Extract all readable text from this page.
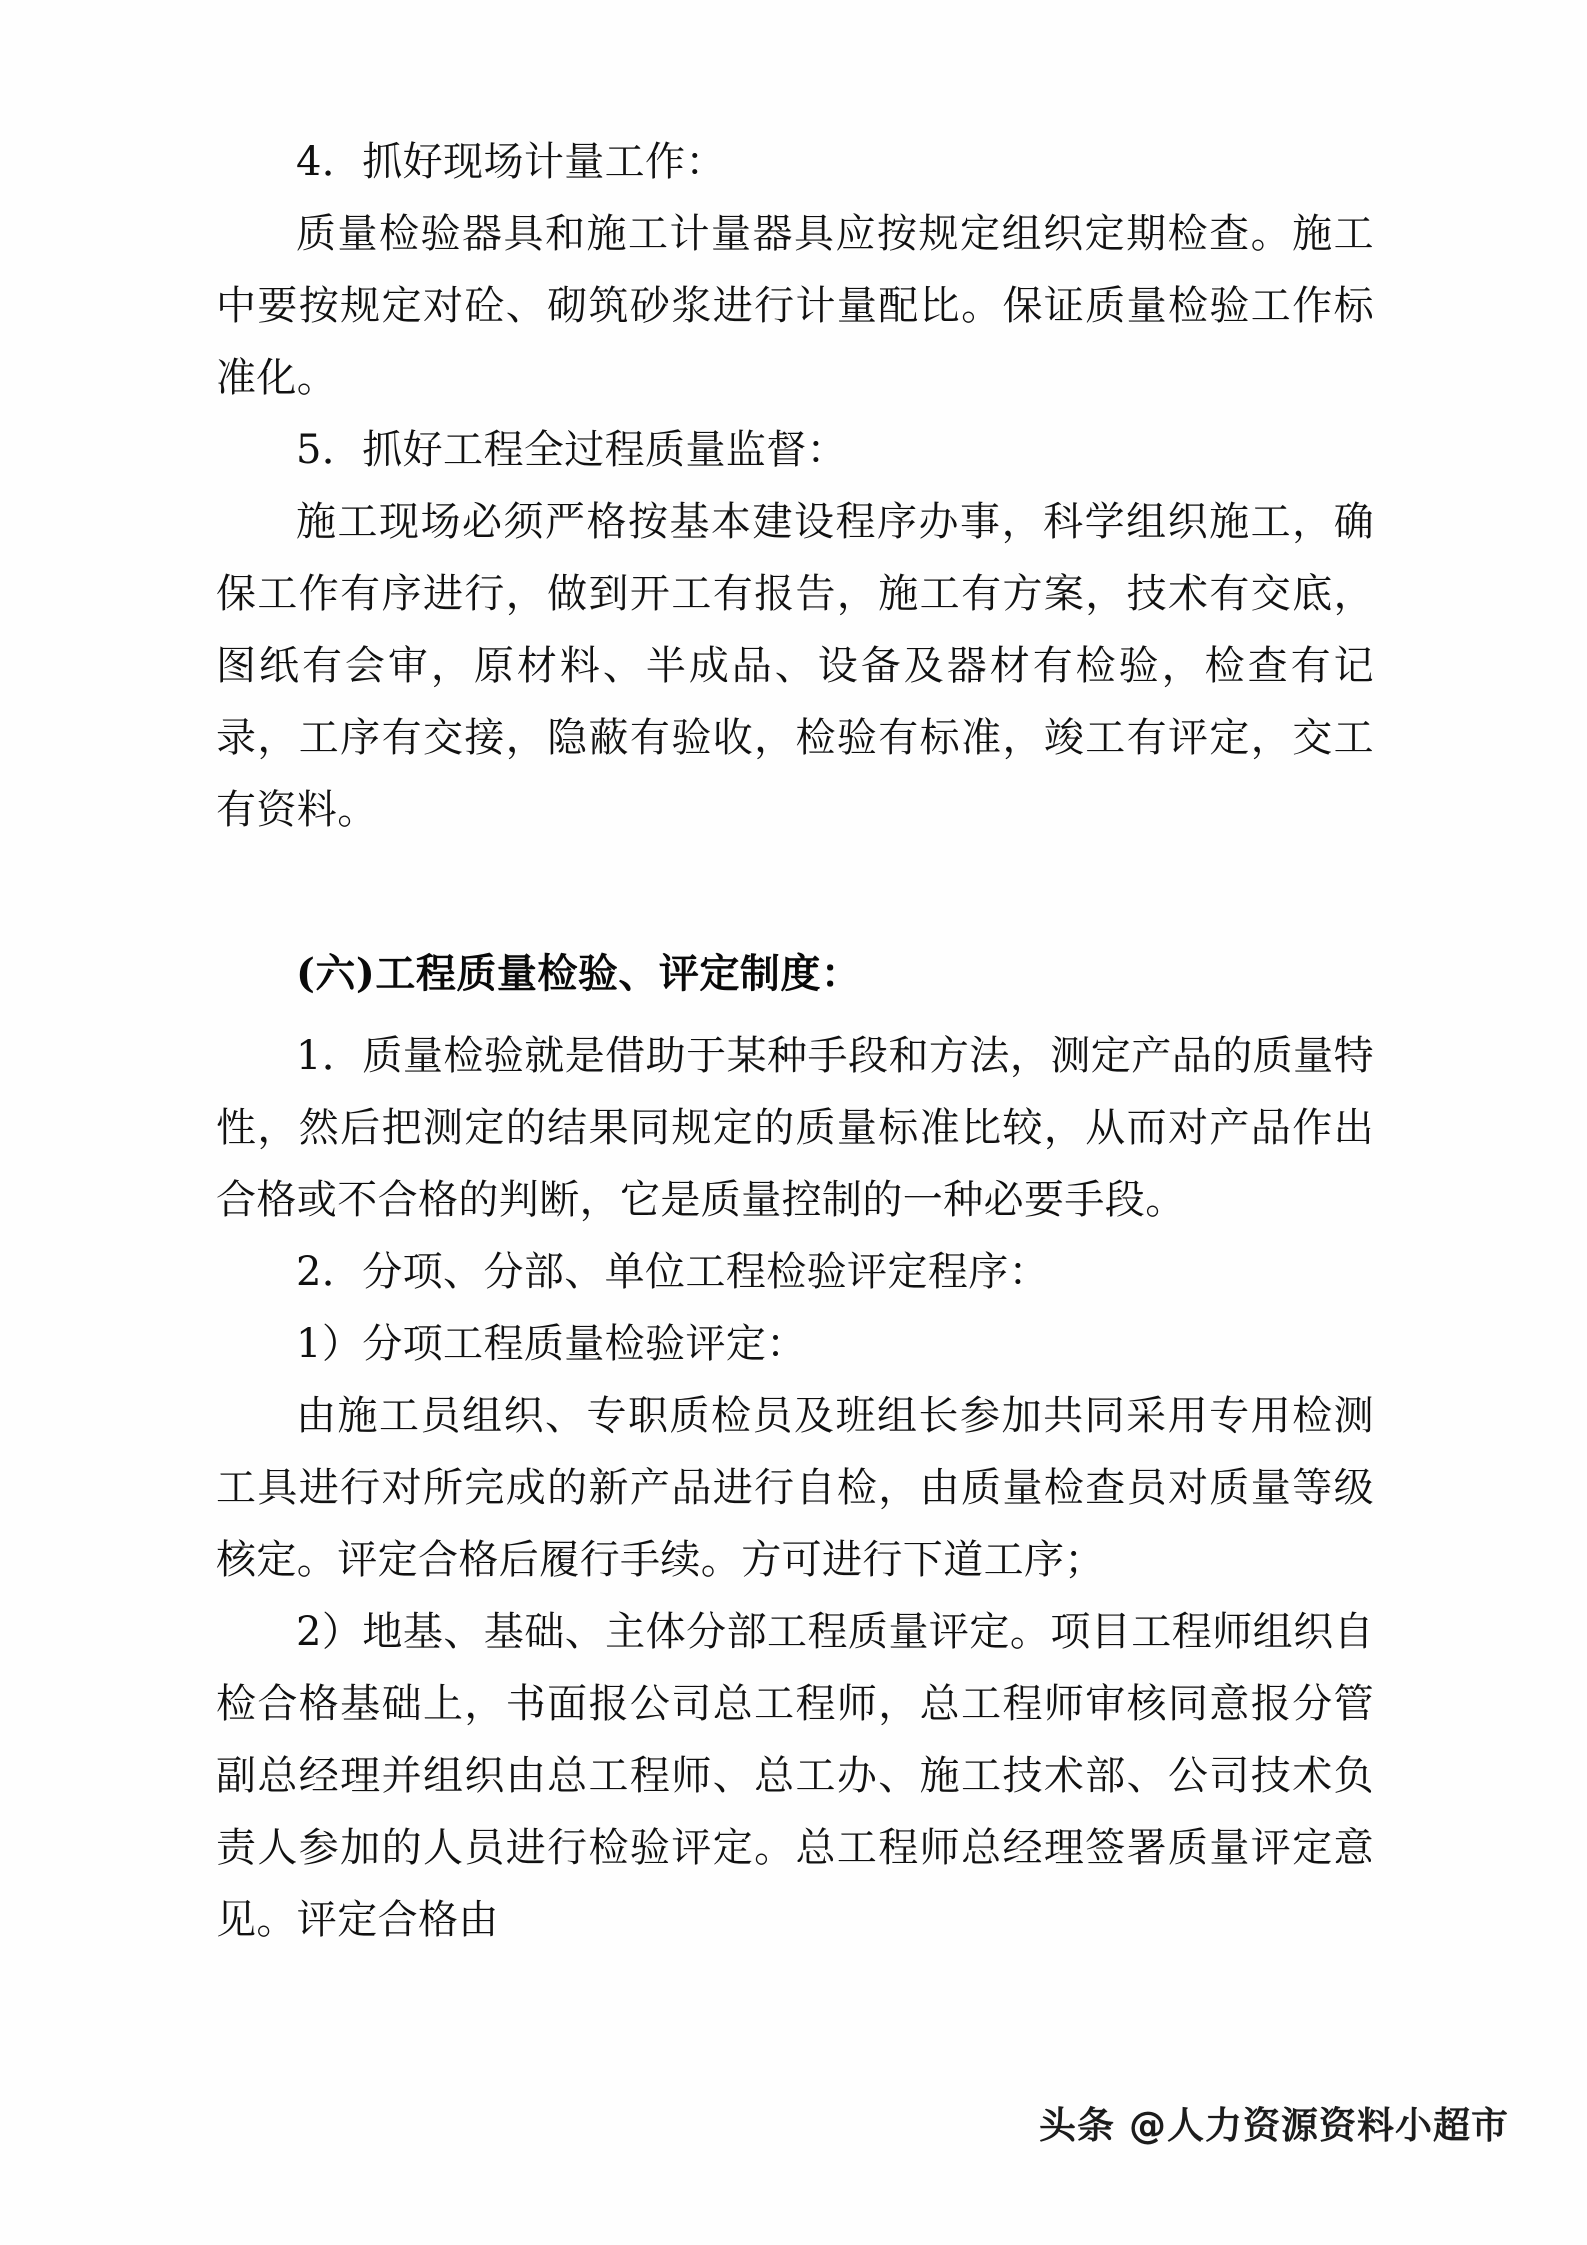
4．抓好现场计量工作：

质量检验器具和施工计量器具应按规定组织定期检查。施工中要按规定对砼、砌筑砂浆进行计量配比。保证质量检验工作标准化。

5．抓好工程全过程质量监督：

施工现场必须严格按基本建设程序办事，科学组织施工，确保工作有序进行，做到开工有报告，施工有方案，技术有交底，图纸有会审，原材料、半成品、设备及器材有检验，检查有记录，工序有交接，隐蔽有验收，检验有标准，竣工有评定，交工有资料。

(六)工程质量检验、评定制度：

1．质量检验就是借助于某种手段和方法，测定产品的质量特性，然后把测定的结果同规定的质量标准比较，从而对产品作出合格或不合格的判断，它是质量控制的一种必要手段。

2．分项、分部、单位工程检验评定程序：

1）分项工程质量检验评定：

由施工员组织、专职质检员及班组长参加共同采用专用检测工具进行对所完成的新产品进行自检，由质量检查员对质量等级核定。评定合格后履行手续。方可进行下道工序；

2）地基、基础、主体分部工程质量评定。项目工程师组织自检合格基础上，书面报公司总工程师，总工程师审核同意报分管副总经理并组织由总工程师、总工办、施工技术部、公司技术负责人参加的人员进行检验评定。总工程师总经理签署质量评定意见。评定合格由

头条 @人力资源资料小超市
